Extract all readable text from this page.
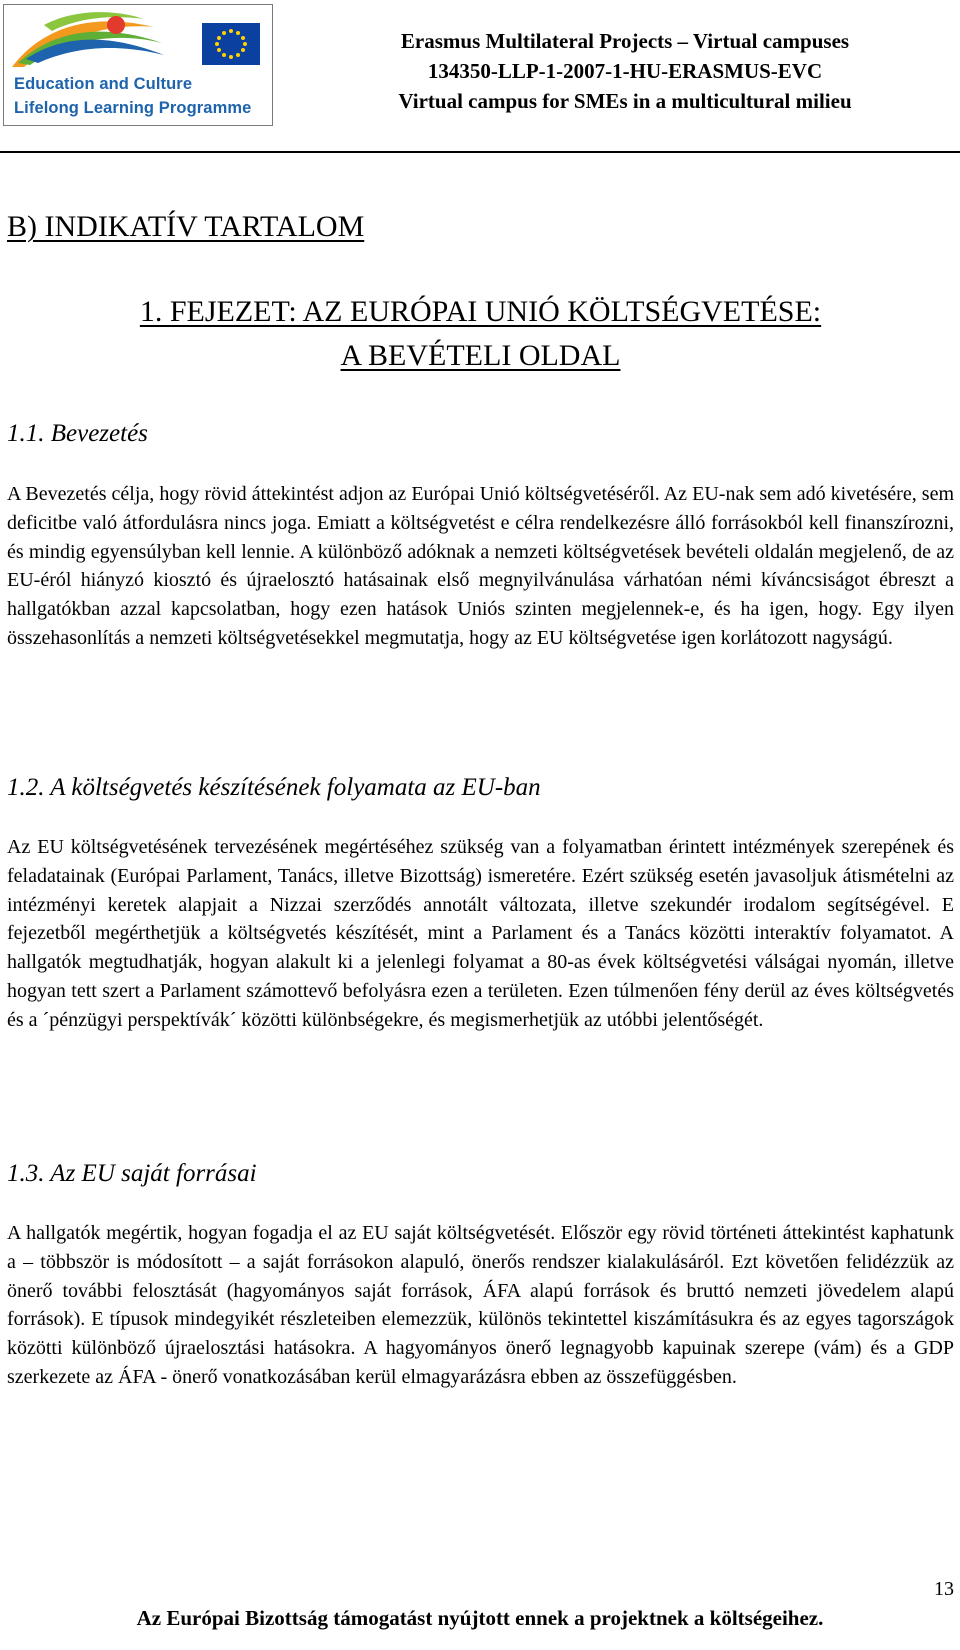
Education and Culture
Lifelong Learning Programme
Erasmus Multilateral Projects – Virtual campuses
134350-LLP-1-2007-1-HU-ERASMUS-EVC
Virtual campus for SMEs in a multicultural milieu
B) INDIKATÍV TARTALOM
1. FEJEZET: AZ EURÓPAI UNIÓ KÖLTSÉGVETÉSE:
A BEVÉTELI OLDAL
1.1. Bevezetés

A Bevezetés célja, hogy rövid áttekintést adjon az Európai Unió költségvetéséről. Az EU-nak sem adó kivetésére, sem deficitbe való átfordulásra nincs joga. Emiatt a költségvetést e célra rendelkezésre álló forrásokból kell finanszírozni, és mindig egyensúlyban kell lennie. A különböző adóknak a nemzeti költségvetések bevételi oldalán megjelenő, de az EU-éról hiányzó kiosztó és újraelosztó hatásainak első megnyilvánulása várhatóan némi kíváncsiságot ébreszt a hallgatókban azzal kapcsolatban, hogy ezen hatások Uniós szinten megjelennek-e, és ha igen, hogy. Egy ilyen összehasonlítás a nemzeti költségvetésekkel megmutatja, hogy az EU költségvetése igen korlátozott nagyságú.

1.2. A költségvetés készítésének folyamata az EU-ban

Az EU költségvetésének tervezésének megértéséhez szükség van a folyamatban érintett intézmények szerepének és feladatainak (Európai Parlament, Tanács, illetve Bizottság) ismeretére. Ezért szükség esetén javasoljuk átismételni az intézményi keretek alapjait a Nizzai szerződés annotált változata, illetve szekundér irodalom segítségével. E fejezetből megérthetjük a költségvetés készítését, mint a Parlament és a Tanács közötti interaktív folyamatot. A hallgatók megtudhatják, hogyan alakult ki a jelenlegi folyamat a 80-as évek költségvetési válságai nyomán, illetve hogyan tett szert a Parlament számottevő befolyásra ezen a területen. Ezen túlmenően fény derül az éves költségvetés és a ´pénzügyi perspektívák´ közötti különbségekre, és megismerhetjük az utóbbi jelentőségét.

1.3. Az EU saját forrásai

A hallgatók megértik, hogyan fogadja el az EU saját költségvetését. Először egy rövid történeti áttekintést kaphatunk a – többször is módosított – a saját forrásokon alapuló, önerős rendszer kialakulásáról. Ezt követően felidézzük az önerő további felosztását (hagyományos saját források, ÁFA alapú források és bruttó nemzeti jövedelem alapú források). E típusok mindegyikét részleteiben elemezzük, különös tekintettel kiszámításukra és az egyes tagországok közötti különböző újraelosztási hatásokra. A hagyományos önerő legnagyobb kapuinak szerepe (vám) és a GDP szerkezete az ÁFA - önerő vonatkozásában kerül elmagyarázásra ebben az összefüggésben.

13
Az Európai Bizottság támogatást nyújtott ennek a projektnek a költségeihez.
